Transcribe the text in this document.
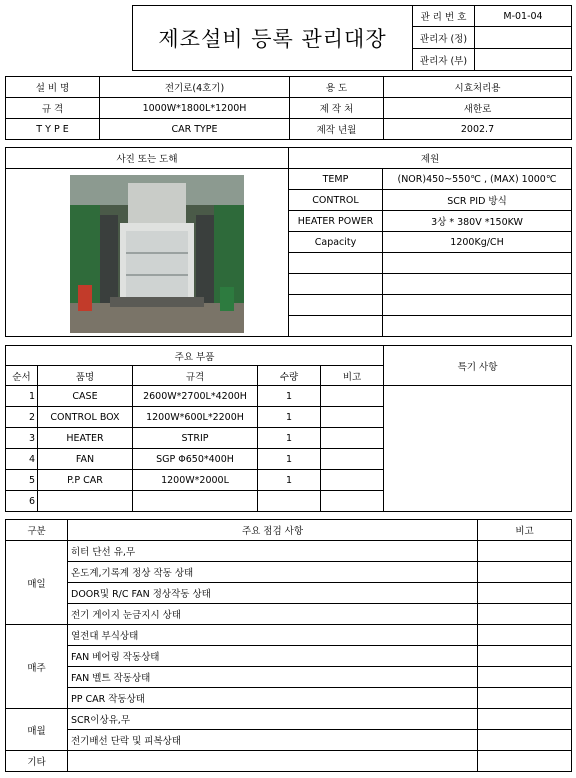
제조설비 등록 관리대장	관 리 번 호	M-01-04
	관리자 (정)	
	관리자 (부)	
설 비 명	전기로(4호기)	용 도	시효처리용
규 격	1000W*1800L*1200H	제 작 처	새한로
T Y P E	CAR TYPE	제작 년월	2002.7
사진 또는 도해	제원	

	TEMP	(NOR)450~550℃ , (MAX) 1000℃
	CONTROL	SCR PID 방식
	HEATER POWER	3상 * 380V *150KW
	Capacity	1200Kg/CH

주요 부품					특기 사항
순서	품명	규격	수량	비고	
1	CASE	2600W*2700L*4200H	1		
2	CONTROL BOX	1200W*600L*2200H	1		
3	HEATER	STRIP	1		
4	FAN	SGP Φ650*400H	1		
5	P.P CAR	1200W*2000L	1		
6					
구분	주요 점검 사항	비고
매일	히터 단선 유,무	
	온도계,기록계 정상 작동 상태	
	DOOR및 R/C FAN 정상작동 상태	
	전기 게이지 눈금지시 상태	
매주	열전대 부식상태	
	FAN 베어링 작동상태	
	FAN 벨트 작동상태	
	PP CAR 작동상태	
매월	SCR이상유,무	
	전기배선 단락 및 피복상태	
기타		
